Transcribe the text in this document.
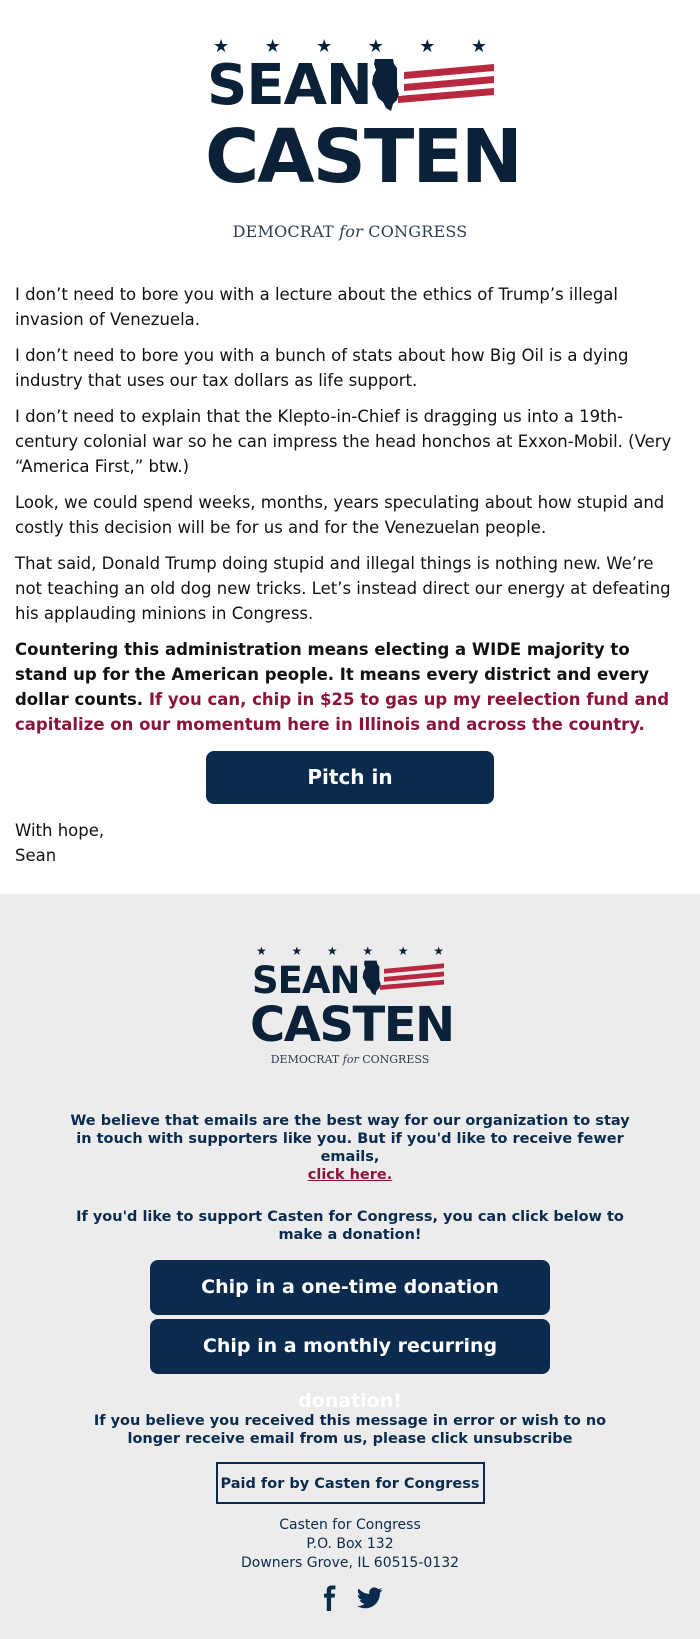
★ ★ ★ ★ ★ ★
SEAN
CASTEN
DEMOCRAT for CONGRESS

I don’t need to bore you with a lecture about the ethics of Trump’s illegal invasion of Venezuela.

I don’t need to bore you with a bunch of stats about how Big Oil is a dying industry that uses our tax dollars as life support.

I don’t need to explain that the Klepto-in-Chief is dragging us into a 19th-century colonial war so he can impress the head honchos at Exxon-Mobil. (Very “America First,” btw.)

Look, we could spend weeks, months, years speculating about how stupid and costly this decision will be for us and for the Venezuelan people.

That said, Donald Trump doing stupid and illegal things is nothing new. We’re not teaching an old dog new tricks. Let’s instead direct our energy at defeating his applauding minions in Congress.

Countering this administration means electing a WIDE majority to stand up for the American people. It means every district and every dollar counts. If you can, chip in $25 to gas up my reelection fund and capitalize on our momentum here in Illinois and across the country.

Pitch in
With hope,
Sean
★ ★ ★ ★ ★ ★
SEAN
CASTEN
DEMOCRAT for CONGRESS
We believe that emails are the best way for our organization to stay in touch with supporters like you. But if you'd like to receive fewer emails,
click here.
If you'd like to support Casten for Congress, you can click below to make a donation!
Chip in a one-time donation
Chip in a monthly recurring donation!
If you believe you received this message in error or wish to no longer receive email from us, please click unsubscribe
Paid for by Casten for Congress
Casten for Congress
P.O. Box 132
Downers Grove, IL 60515-0132
